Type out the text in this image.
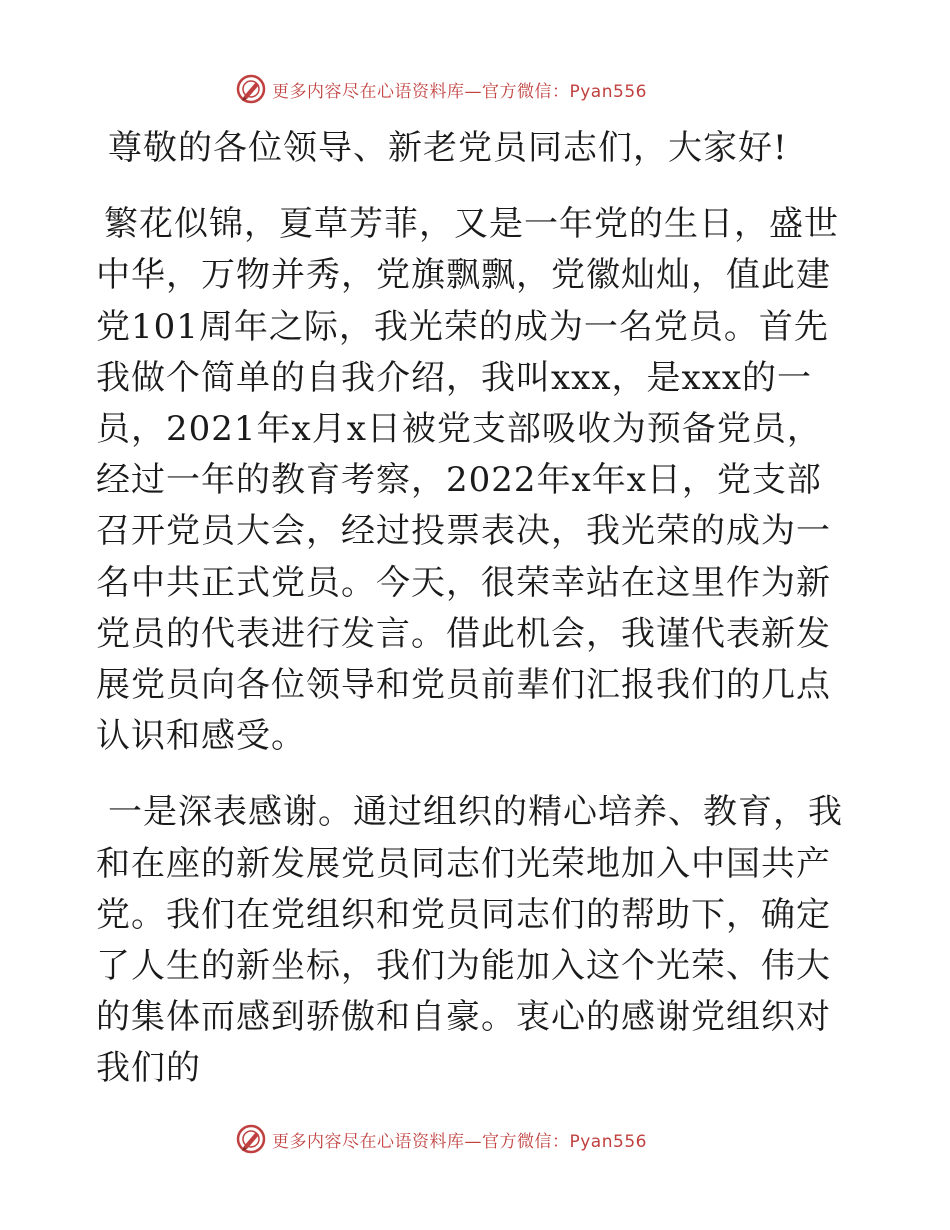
更多内容尽在心语资料库—官方微信：Pyan556

尊敬的各位领导、新老党员同志们，大家好!

繁花似锦，夏草芳菲，又是一年党的生日，盛世中华，万物并秀，党旗飘飘，党徽灿灿，值此建党101周年之际，我光荣的成为一名党员。首先我做个简单的自我介绍，我叫xxx，是xxx的一员，2021年x月x日被党支部吸收为预备党员，经过一年的教育考察，2022年x年x日，党支部召开党员大会，经过投票表决，我光荣的成为一名中共正式党员。今天，很荣幸站在这里作为新党员的代表进行发言。借此机会，我谨代表新发展党员向各位领导和党员前辈们汇报我们的几点认识和感受。

一是深表感谢。通过组织的精心培养、教育，我和在座的新发展党员同志们光荣地加入中国共产党。我们在党组织和党员同志们的帮助下，确定了人生的新坐标，我们为能加入这个光荣、伟大的集体而感到骄傲和自豪。衷心的感谢党组织对我们的

更多内容尽在心语资料库—官方微信：Pyan556
